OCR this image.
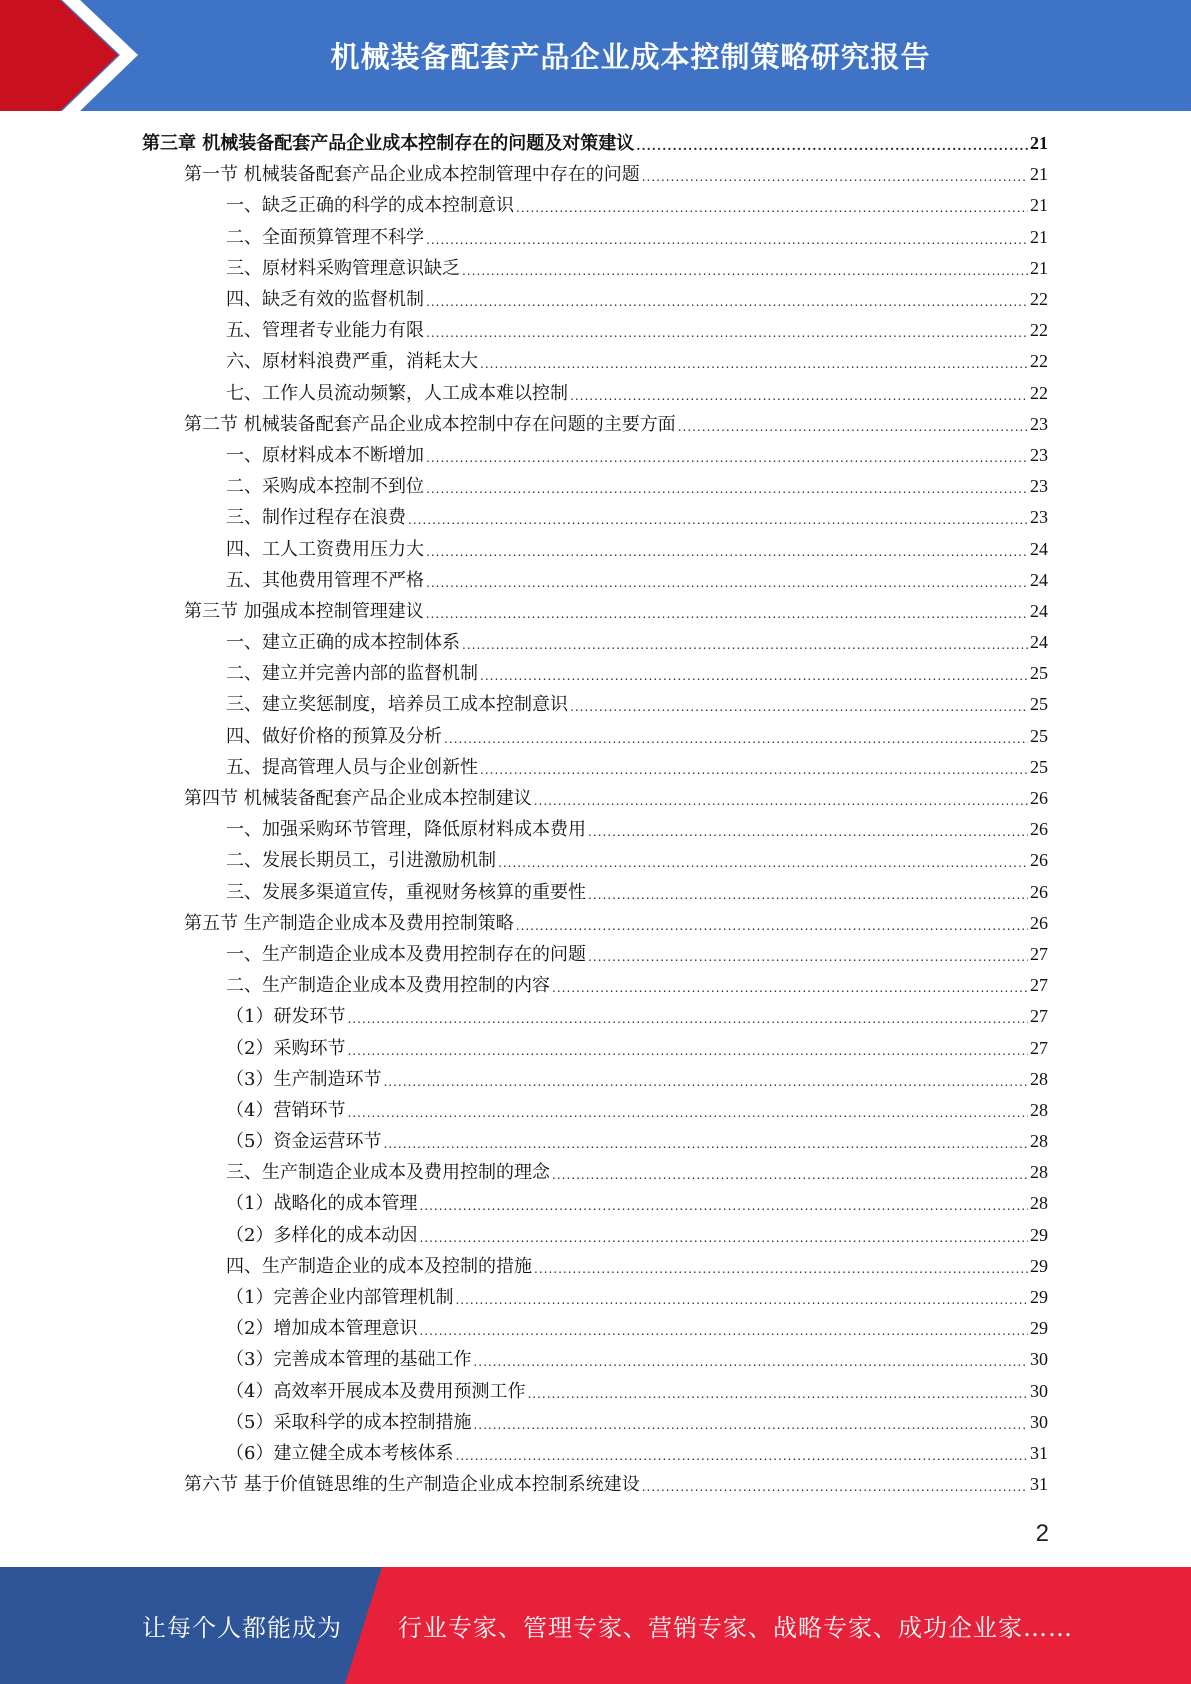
机械装备配套产品企业成本控制策略研究报告
第三章 机械装备配套产品企业成本控制存在的问题及对策建议 .....	21
第一节 机械装备配套产品企业成本控制管理中存在的问题 .....	21
一、缺乏正确的科学的成本控制意识 .....	21
二、全面预算管理不科学 .....	21
三、原材料采购管理意识缺乏 .....	21
四、缺乏有效的监督机制 .....	22
五、管理者专业能力有限 .....	22
六、原材料浪费严重，消耗太大 .....	22
七、工作人员流动频繁，人工成本难以控制 .....	22
第二节 机械装备配套产品企业成本控制中存在问题的主要方面 .....	23
一、原材料成本不断增加 .....	23
二、采购成本控制不到位 .....	23
三、制作过程存在浪费 .....	23
四、工人工资费用压力大 .....	24
五、其他费用管理不严格 .....	24
第三节 加强成本控制管理建议 .....	24
一、建立正确的成本控制体系 .....	24
二、建立并完善内部的监督机制 .....	25
三、建立奖惩制度，培养员工成本控制意识 .....	25
四、做好价格的预算及分析 .....	25
五、提高管理人员与企业创新性 .....	25
第四节 机械装备配套产品企业成本控制建议 .....	26
一、加强采购环节管理，降低原材料成本费用 .....	26
二、发展长期员工，引进激励机制 .....	26
三、发展多渠道宣传，重视财务核算的重要性 .....	26
第五节 生产制造企业成本及费用控制策略 .....	26
一、生产制造企业成本及费用控制存在的问题 .....	27
二、生产制造企业成本及费用控制的内容 .....	27
（1）研发环节 .....	27
（2）采购环节 .....	27
（3）生产制造环节 .....	28
（4）营销环节 .....	28
（5）资金运营环节 .....	28
三、生产制造企业成本及费用控制的理念 .....	28
（1）战略化的成本管理 .....	28
（2）多样化的成本动因 .....	29
四、生产制造企业的成本及控制的措施 .....	29
（1）完善企业内部管理机制 .....	29
（2）增加成本管理意识 .....	29
（3）完善成本管理的基础工作 .....	30
（4）高效率开展成本及费用预测工作 .....	30
（5）采取科学的成本控制措施 .....	30
（6）建立健全成本考核体系 .....	31
第六节 基于价值链思维的生产制造企业成本控制系统建设 .....	31
2
让每个人都能成为 行业专家、管理专家、营销专家、战略专家、成功企业家……
